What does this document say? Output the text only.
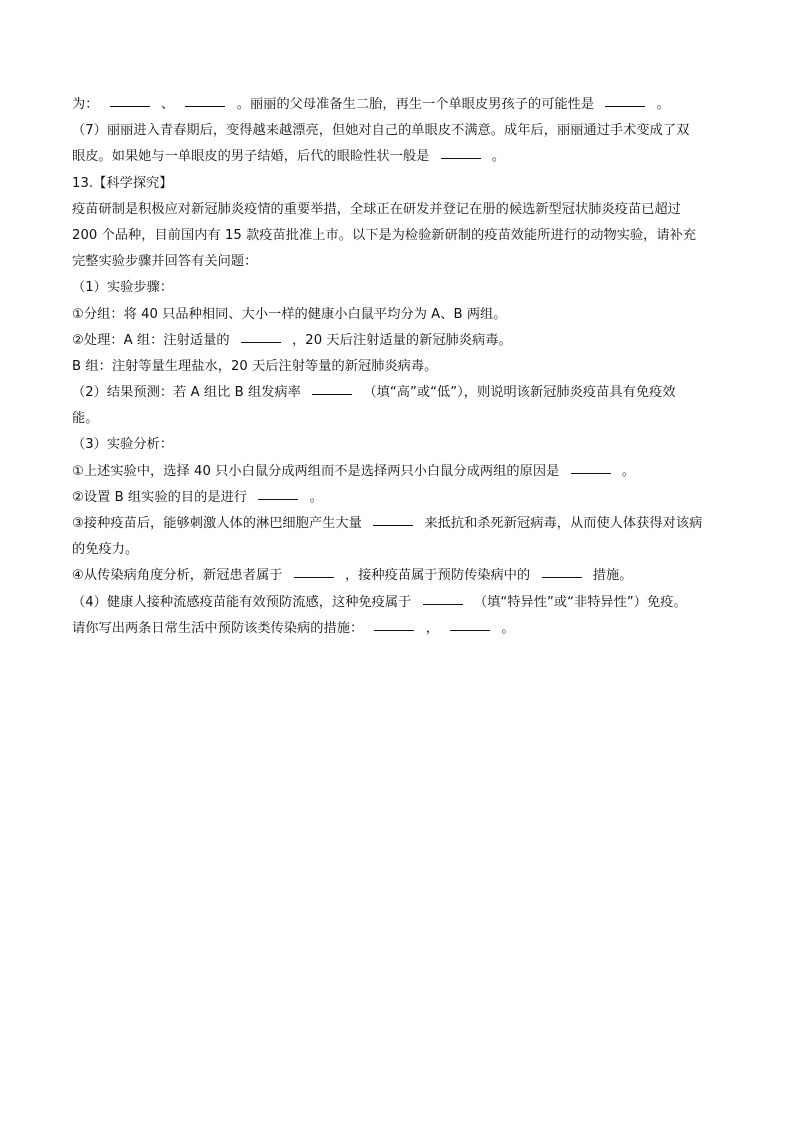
为：	、	。丽丽的父母准备生二胎，再生一个单眼皮男孩子的可能性是	。
（7）丽丽进入青春期后，变得越来越漂亮，但她对自己的单眼皮不满意。成年后，丽丽通过手术变成了双
眼皮。如果她与一单眼皮的男子结婚，后代的眼睑性状一般是	。
13.【科学探究】
疫苗研制是积极应对新冠肺炎疫情的重要举措，全球正在研发并登记在册的候选新型冠状肺炎疫苗已超过
200 个品种，目前国内有 15 款疫苗批准上市。以下是为检验新研制的疫苗效能所进行的动物实验，请补充
完整实验步骤并回答有关问题：
（1）实验步骤：
①分组：将 40 只品种相同、大小一样的健康小白鼠平均分为 A、B 两组。
②处理：A 组：注射适量的	，20 天后注射适量的新冠肺炎病毒。
B 组：注射等量生理盐水，20 天后注射等量的新冠肺炎病毒。
（2）结果预测：若 A 组比 B 组发病率	（填“高”或“低”），则说明该新冠肺炎疫苗具有免疫效
能。
（3）实验分析：
①上述实验中，选择 40 只小白鼠分成两组而不是选择两只小白鼠分成两组的原因是	。
②设置 B 组实验的目的是进行	。
③接种疫苗后，能够刺激人体的淋巴细胞产生大量	来抵抗和杀死新冠病毒，从而使人体获得对该病
的免疫力。
④从传染病角度分析，新冠患者属于	，接种疫苗属于预防传染病中的	措施。
（4）健康人接种流感疫苗能有效预防流感，这种免疫属于	（填“特异性”或“非特异性”）免疫。
请你写出两条日常生活中预防该类传染病的措施：	，	。
